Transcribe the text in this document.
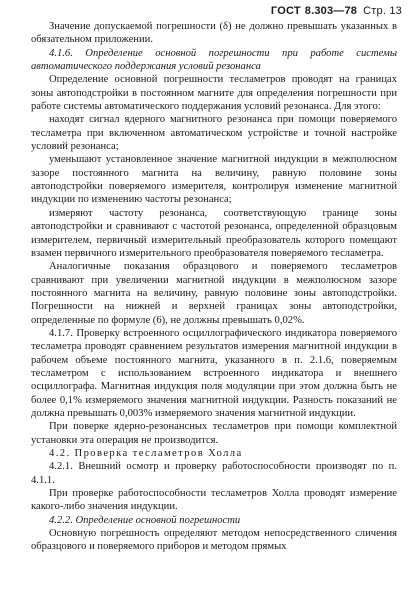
ГОСТ 8.303—78 Стр. 13

Значение допускаемой погрешности (δ) не должно превышать указанных в обязательном приложении.

4.1.6. Определение основной погрешности при работе системы автоматического поддержания условий резонанса

Определение основной погрешности тесламетров проводят на границах зоны автоподстройки в постоянном магните для определения погрешности при работе системы автоматического поддержания условий резонанса. Для этого:

находят сигнал ядерного магнитного резонанса при помощи поверяемого тесламетра при включенном автоматическом устройстве и точной настройке условий резонанса;

уменьшают установленное значение магнитной индукции в межполюсном зазоре постоянного магнита на величину, равную половине зоны автоподстройки поверяемого измерителя, контролируя изменение магнитной индукции по изменению частоты резонанса;

измеряют частоту резонанса, соответствующую границе зоны автоподстройки и сравнивают с частотой резонанса, определенной образцовым измерителем, первичный измерительный преобразователь которого помещают взамен первичного измерительного преобразователя поверяемого тесламетра.

Аналогичные показания образцового и поверяемого тесламетров сравнивают при увеличении магнитной индукции в межполюсном зазоре постоянного магнита на величину, равную половине зоны автоподстройки. Погрешности на нижней и верхней границах зоны автоподстройки, определенные по формуле (6), не должны превышать 0,02%.

4.1.7. Проверку встроенного осциллографического индикатора поверяемого тесламетра проводят сравнением результатов измерения магнитной индукции в рабочем объеме постоянного магнита, указанного в п. 2.1.6, поверяемым тесламетром с использованием встроенного индикатора и внешнего осциллографа. Магнитная индукция поля модуляции при этом должна быть не более 0,1% измеряемого значения магнитной индукции. Разность показаний не должна превышать 0,003% измеряемого значения магнитной индукции.

При поверке ядерно-резонансных тесламетров при помощи комплектной установки эта операция не производится.

4.2. Проверка тесламетров Холла

4.2.1. Внешний осмотр и проверку работоспособности производят по п. 4.1.1.

При проверке работоспособности тесламетров Холла проводят измерение какого-либо значения индукции.

4.2.2. Определение основной погрешности

Основную погрешность определяют методом непосредственного сличения образцового и поверяемого приборов и методом прямых
